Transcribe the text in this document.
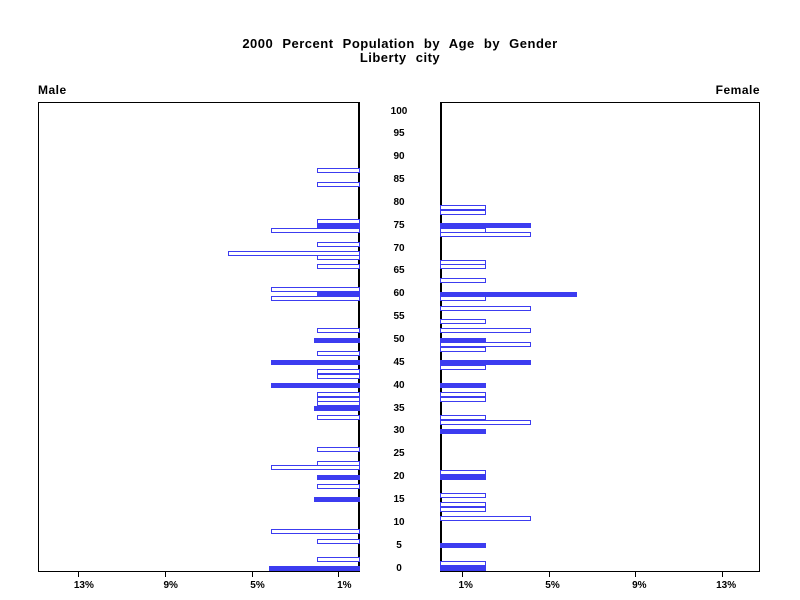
2000 Percent Population by Age by Gender
Liberty city
Male	Female
100
95
90
85
80
75
70
65
60
55
50
45
40
35
30
25
20
15
10
5
0
13%	9%	5%	1%	1%	5%	9%	13%
